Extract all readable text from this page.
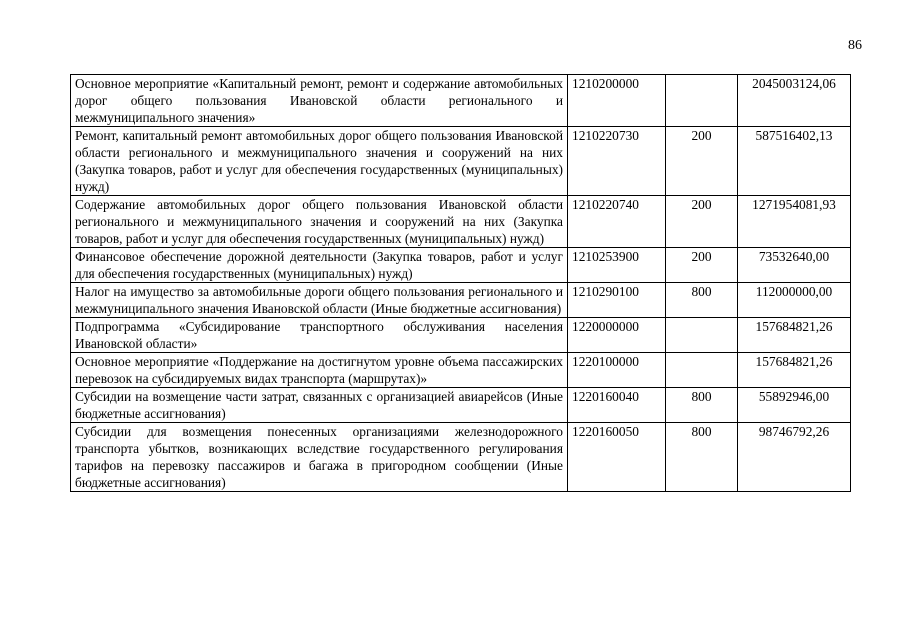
86
Основное мероприятие «Капитальный ремонт, ремонт и содержание автомобильных дорог общего пользования Ивановской области регионального и межмуниципального значения»	1210200000		2045003124,06
Ремонт, капитальный ремонт автомобильных дорог общего пользования Ивановской области регионального и межмуниципального значения и сооружений на них (Закупка товаров, работ и услуг для обеспечения государственных (муниципальных) нужд)	1210220730	200	587516402,13
Содержание автомобильных дорог общего пользования Ивановской области регионального и межмуниципального значения и сооружений на них (Закупка товаров, работ и услуг для обеспечения государственных (муниципальных) нужд)	1210220740	200	1271954081,93
Финансовое обеспечение дорожной деятельности (Закупка товаров, работ и услуг для обеспечения государственных (муниципальных) нужд)	1210253900	200	73532640,00
Налог на имущество за автомобильные дороги общего пользования регионального и межмуниципального значения Ивановской области (Иные бюджетные ассигнования)	1210290100	800	112000000,00
Подпрограмма «Субсидирование транспортного обслуживания населения Ивановской области»	1220000000		157684821,26
Основное мероприятие «Поддержание на достигнутом уровне объема пассажирских перевозок на субсидируемых видах транспорта (маршрутах)»	1220100000		157684821,26
Субсидии на возмещение части затрат, связанных с организацией авиарейсов (Иные бюджетные ассигнования)	1220160040	800	55892946,00
Субсидии для возмещения понесенных организациями железнодорожного транспорта убытков, возникающих вследствие государственного регулирования тарифов на перевозку пассажиров и багажа в пригородном сообщении (Иные бюджетные ассигнования)	1220160050	800	98746792,26
